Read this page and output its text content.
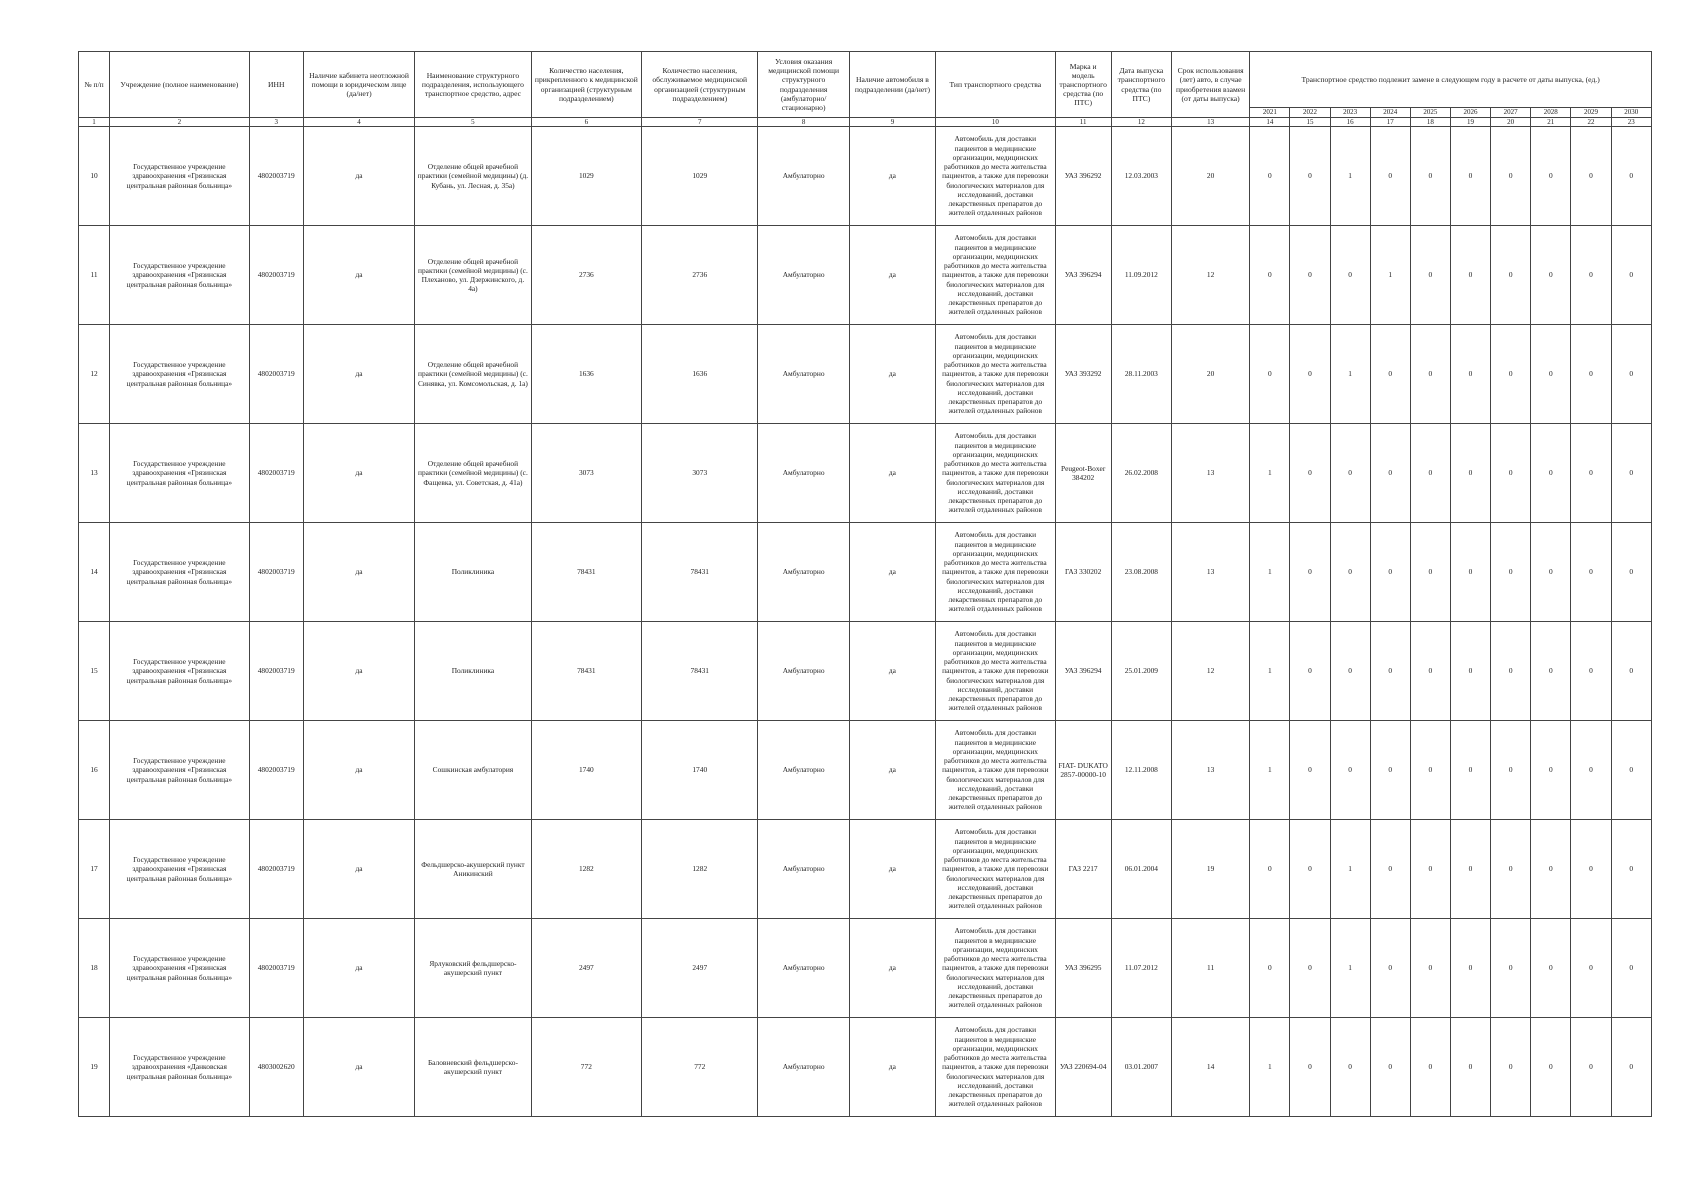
№ п/п	Учреждение (полное наименование)	ИНН	Наличие кабинета неотложной помощи в юридическом лице (да/нет)	Наименование структурного подразделения, использующего транспортное средство, адрес	Количество населения, прикрепленного к медицинской организацией (структурным подразделением)	Количество населения, обслуживаемое медицинской организацией (структурным подразделением)	Условия оказания медицинской помощи структурного подразделения (амбулаторно/ стационарно)	Наличие автомобиля в подразделении (да/нет)	Тип транспортного средства	Марка и модель транспортного средства (по ПТС)	Дата выпуска транспортного средства (по ПТС)	Срок использования (лет) авто, в случае приобретения взамен (от даты выпуска)	Транспортное средство подлежит замене в следующем году в расчете от даты выпуска, (ед.)									
													2021	2022	2023	2024	2025	2026	2027	2028	2029	2030
1	2	3	4	5	6	7	8	9	10	11	12	13	14	15	16	17	18	19	20	21	22	23
10	Государственное учреждение здравоохранения «Грязинская центральная районная больница»	4802003719	да	Отделение общей врачебной практики (семейной медицины) (д. Кубань, ул. Лесная, д. 35а)	1029	1029	Амбулаторно	да	Автомобиль для доставки пациентов в медицинские организации, медицинских работников до места жительства пациентов, а также для перевозки биологических материалов для исследований, доставки лекарственных препаратов до жителей отдаленных районов	УАЗ 396292	12.03.2003	20	0	0	1	0	0	0	0	0	0	0
11	Государственное учреждение здравоохранения «Грязинская центральная районная больница»	4802003719	да	Отделение общей врачебной практики (семейной медицины) (с. Плеханово, ул. Дзержинского, д. 4а)	2736	2736	Амбулаторно	да	Автомобиль для доставки пациентов в медицинские организации, медицинских работников до места жительства пациентов, а также для перевозки биологических материалов для исследований, доставки лекарственных препаратов до жителей отдаленных районов	УАЗ 396294	11.09.2012	12	0	0	0	1	0	0	0	0	0	0
12	Государственное учреждение здравоохранения «Грязинская центральная районная больница»	4802003719	да	Отделение общей врачебной практики (семейной медицины) (с. Синявка, ул. Комсомольская, д. 1а)	1636	1636	Амбулаторно	да	Автомобиль для доставки пациентов в медицинские организации, медицинских работников до места жительства пациентов, а также для перевозки биологических материалов для исследований, доставки лекарственных препаратов до жителей отдаленных районов	УАЗ 393292	28.11.2003	20	0	0	1	0	0	0	0	0	0	0
13	Государственное учреждение здравоохранения «Грязинская центральная районная больница»	4802003719	да	Отделение общей врачебной практики (семейной медицины) (с. Фащевка, ул. Советская, д. 41а)	3073	3073	Амбулаторно	да	Автомобиль для доставки пациентов в медицинские организации, медицинских работников до места жительства пациентов, а также для перевозки биологических материалов для исследований, доставки лекарственных препаратов до жителей отдаленных районов	Peugeot-Boxer 384202	26.02.2008	13	1	0	0	0	0	0	0	0	0	0
14	Государственное учреждение здравоохранения «Грязинская центральная районная больница»	4802003719	да	Поликлиника	78431	78431	Амбулаторно	да	Автомобиль для доставки пациентов в медицинские организации, медицинских работников до места жительства пациентов, а также для перевозки биологических материалов для исследований, доставки лекарственных препаратов до жителей отдаленных районов	ГАЗ 330202	23.08.2008	13	1	0	0	0	0	0	0	0	0	0
15	Государственное учреждение здравоохранения «Грязинская центральная районная больница»	4802003719	да	Поликлиника	78431	78431	Амбулаторно	да	Автомобиль для доставки пациентов в медицинские организации, медицинских работников до места жительства пациентов, а также для перевозки биологических материалов для исследований, доставки лекарственных препаратов до жителей отдаленных районов	УАЗ 396294	25.01.2009	12	1	0	0	0	0	0	0	0	0	0
16	Государственное учреждение здравоохранения «Грязинская центральная районная больница»	4802003719	да	Сошкинская амбулатория	1740	1740	Амбулаторно	да	Автомобиль для доставки пациентов в медицинские организации, медицинских работников до места жительства пациентов, а также для перевозки биологических материалов для исследований, доставки лекарственных препаратов до жителей отдаленных районов	FIAT- DUKATO 2857-00000-10	12.11.2008	13	1	0	0	0	0	0	0	0	0	0
17	Государственное учреждение здравоохранения «Грязинская центральная районная больница»	4802003719	да	Фельдшерско-акушерский пункт Аникинский	1282	1282	Амбулаторно	да	Автомобиль для доставки пациентов в медицинские организации, медицинских работников до места жительства пациентов, а также для перевозки биологических материалов для исследований, доставки лекарственных препаратов до жителей отдаленных районов	ГАЗ 2217	06.01.2004	19	0	0	1	0	0	0	0	0	0	0
18	Государственное учреждение здравоохранения «Грязинская центральная районная больница»	4802003719	да	Ярлуковский фельдшерско-акушерский пункт	2497	2497	Амбулаторно	да	Автомобиль для доставки пациентов в медицинские организации, медицинских работников до места жительства пациентов, а также для перевозки биологических материалов для исследований, доставки лекарственных препаратов до жителей отдаленных районов	УАЗ 396295	11.07.2012	11	0	0	1	0	0	0	0	0	0	0
19	Государственное учреждение здравоохранения «Данковская центральная районная больница»	4803002620	да	Баловневский фельдшерско-акушерский пункт	772	772	Амбулаторно	да	Автомобиль для доставки пациентов в медицинские организации, медицинских работников до места жительства пациентов, а также для перевозки биологических материалов для исследований, доставки лекарственных препаратов до жителей отдаленных районов	УАЗ 220694-04	03.01.2007	14	1	0	0	0	0	0	0	0	0	0
